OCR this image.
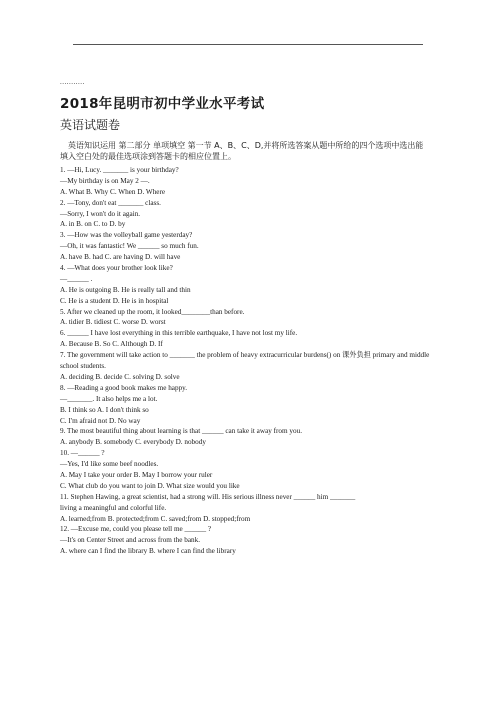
...........
2018年昆明市初中学业水平考试
英语试题卷
英语知识运用 第二部分 单项填空 第一节 A、B、C、D,并将所选答案从题中所给的四个选项中选出能填入空白处的最佳选项涂到答题卡的相应位置上。
1. —Hi, Lucy. _______ is your birthday?
—My birthday is on May 2 —.
A. What B. Why C. When D. Where
2. —Tony, don't eat _______ class.
—Sorry, I won't do it again.
A. in B. on C. to D. by
3. —How was the volleyball game yesterday?
—Oh, it was fantastic! We ______ so much fun.
A. have B. had C. are having D. will have
4. —What does your brother look like?
—______ .
A. He is outgoing B. He is really tall and thin
C. He is a student D. He is in hospital
5. After we cleaned up the room, it looked________than before.
A. tidier B. tidiest C. worse D. worst
6. ______ I have lost everything in this terrible earthquake, I have not lost my life.
A. Because B. So C. Although D. If
7. The government will take action to _______ the problem of heavy extracurricular burdens() on 课外负担 primary and middle school students.
A. deciding B. decide C. solving D. solve
8. —Reading a good book makes me happy.
—_______. It also helps me a lot.
B. I think so A. I don't think so
C. I'm afraid not D. No way
9. The most beautiful thing about learning is that ______ can take it away from you.
A. anybody B. somebody C. everybody D. nobody
10. —______ ?
—Yes, I'd like some beef noodles.
A. May I take your order B. May I borrow your ruler
C. What club do you want to join D. What size would you like
11. Stephen Hawing, a great scientist, had a strong will. His serious illness never ______ him _______
living a meaningful and colorful life.
A. learned;from B. protected;from C. saved;from D. stopped;from
12. —Excuse me, could you please tell me ______ ?
—It's on Center Street and across from the bank.
A. where can I find the library B. where I can find the library
